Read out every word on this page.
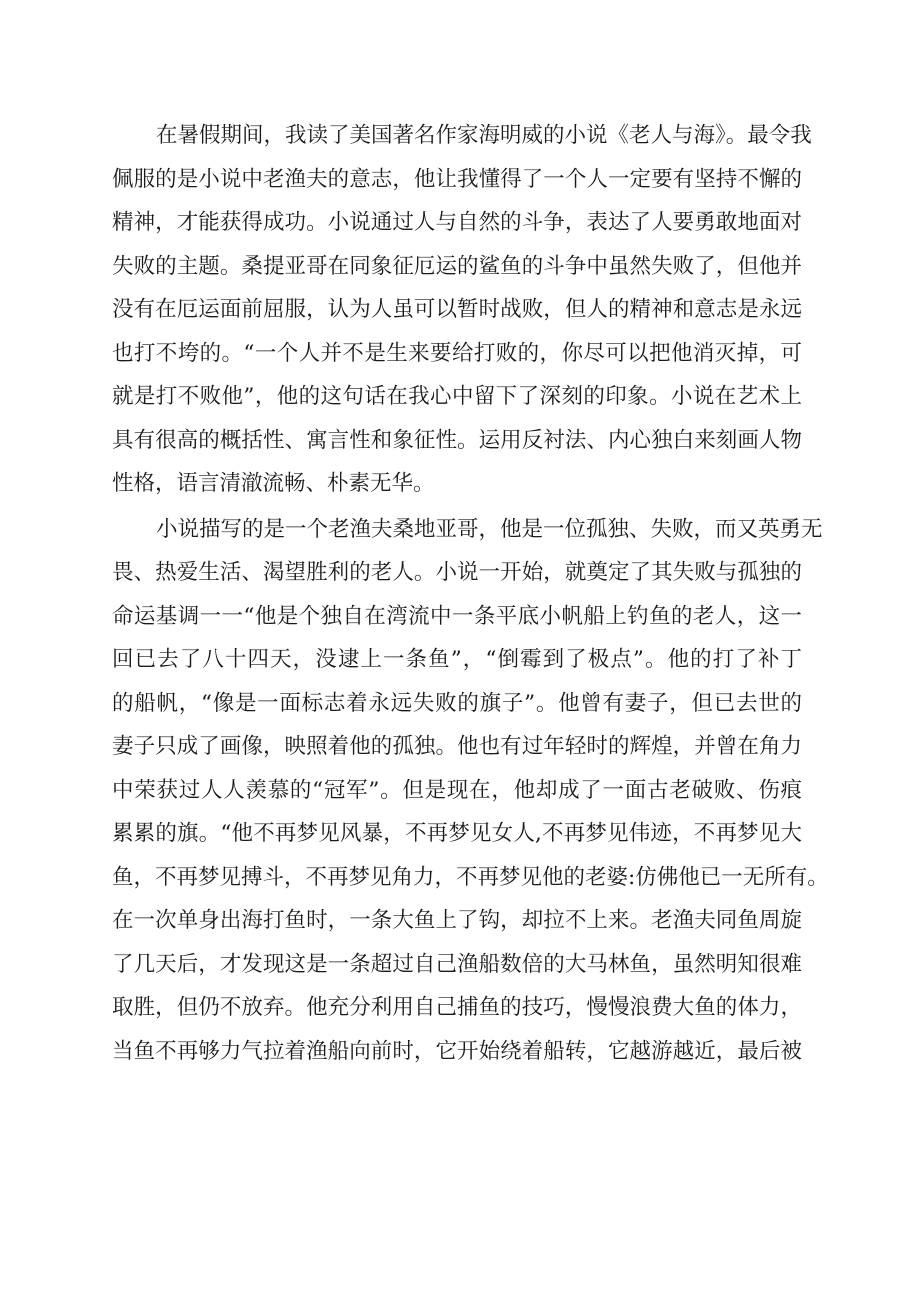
在暑假期间，我读了美国著名作家海明威的小说《老人与海》。最令我
佩服的是小说中老渔夫的意志，他让我懂得了一个人一定要有坚持不懈的
精神，才能获得成功。小说通过人与自然的斗争，表达了人要勇敢地面对
失败的主题。桑提亚哥在同象征厄运的鲨鱼的斗争中虽然失败了，但他并
没有在厄运面前屈服，认为人虽可以暂时战败，但人的精神和意志是永远
也打不垮的。“一个人并不是生来要给打败的，你尽可以把他消灭掉，可
就是打不败他”，他的这句话在我心中留下了深刻的印象。小说在艺术上
具有很高的概括性、寓言性和象征性。运用反衬法、内心独白来刻画人物
性格，语言清澈流畅、朴素无华。
小说描写的是一个老渔夫桑地亚哥，他是一位孤独、失败，而又英勇无
畏、热爱生活、渴望胜利的老人。小说一开始，就奠定了其失败与孤独的
命运基调一一“他是个独自在湾流中一条平底小帆船上钓鱼的老人，这一
回已去了八十四天，没逮上一条鱼”，“倒霉到了极点”。他的打了补丁
的船帆，“像是一面标志着永远失败的旗子”。他曾有妻子，但已去世的
妻子只成了画像，映照着他的孤独。他也有过年轻时的辉煌，并曾在角力
中荣获过人人羡慕的“冠军”。但是现在，他却成了一面古老破败、伤痕
累累的旗。“他不再梦见风暴，不再梦见女人,不再梦见伟迹，不再梦见大
鱼，不再梦见搏斗，不再梦见角力，不再梦见他的老婆:仿佛他已一无所有。
在一次单身出海打鱼时，一条大鱼上了钩，却拉不上来。老渔夫同鱼周旋
了几天后，才发现这是一条超过自己渔船数倍的大马林鱼，虽然明知很难
取胜，但仍不放弃。他充分利用自己捕鱼的技巧，慢慢浪费大鱼的体力，
当鱼不再够力气拉着渔船向前时，它开始绕着船转，它越游越近，最后被
